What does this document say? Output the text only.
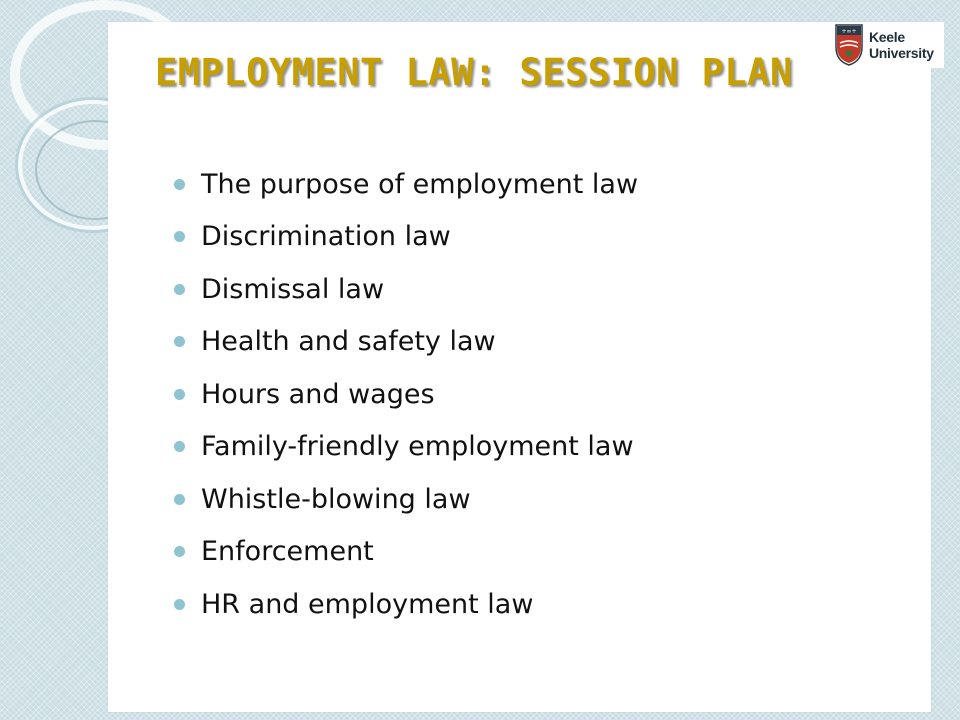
EMPLOYMENT LAW: SESSION PLAN
+∞+ Keele
University
The purpose of employment law
Discrimination law
Dismissal law
Health and safety law
Hours and wages
Family-friendly employment law
Whistle-blowing law
Enforcement
HR and employment law
